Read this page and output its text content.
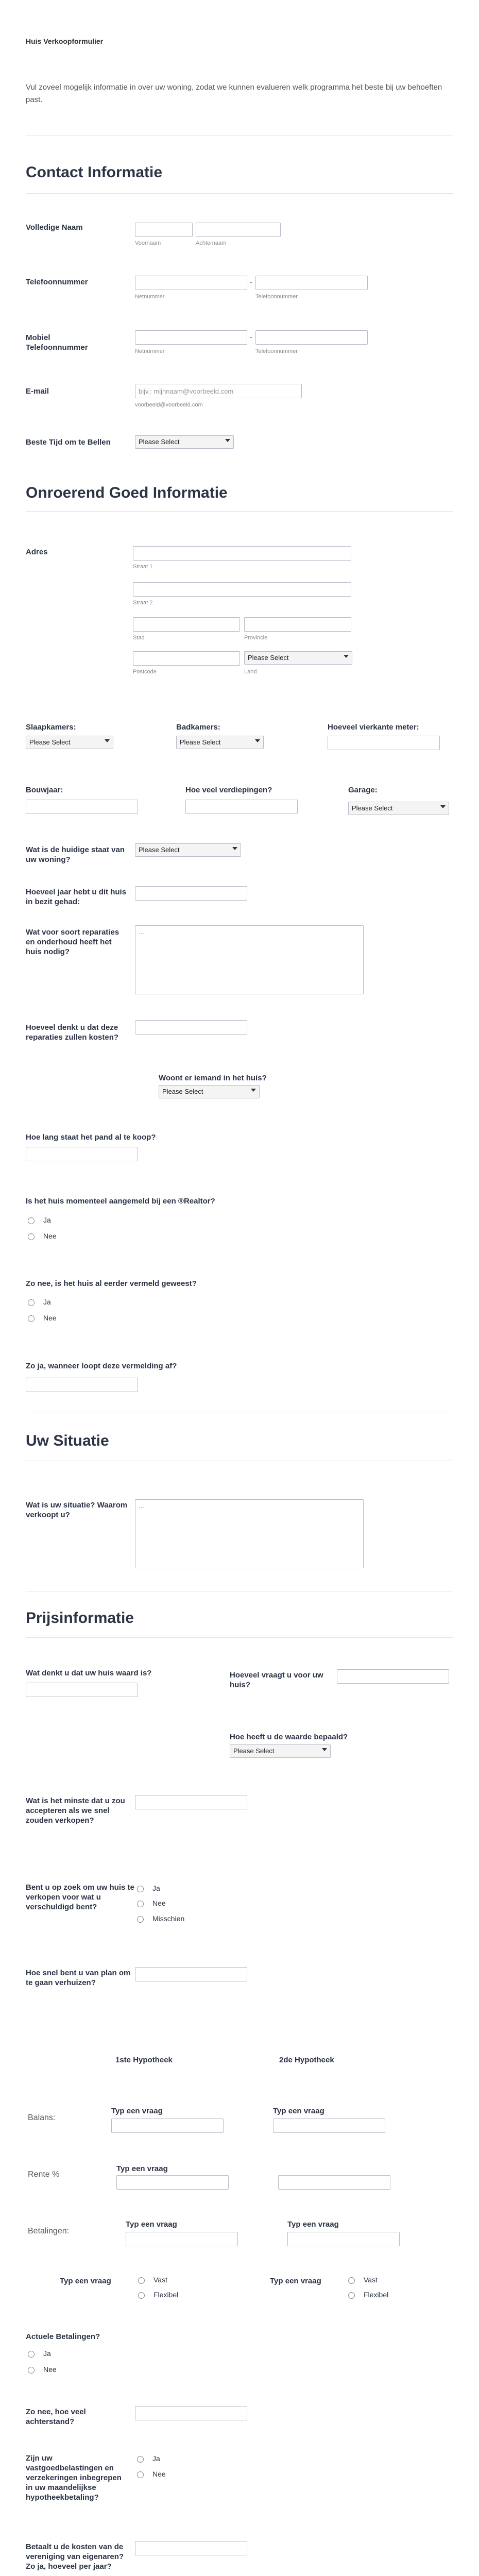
Huis Verkoopformulier
Vul zoveel mogelijk informatie in over uw woning, zodat we kunnen evalueren welk programma het beste bij uw behoeften past.
Contact Informatie
Volledige Naam
Voornaam	Achternaam
Telefoonnummer
Netnummer
-
Telefoonnummer
Mobiel Telefoonnummer	Netnummer
-
Telefoonnummer
E-mail	bijv.: mijnnaam@voorbeeld.com
voorbeeld@voorbeeld.com
Beste Tijd om te Bellen	Please Select
Onroerend Goed Informatie
Adres
Straat 1
Straat 2
Stad	Provincie
Postcode
Please Select
Land
Slaapkamers:	Badkamers:	Hoeveel vierkante meter:
Please Select	Please Select
Bouwjaar:	Hoe veel verdiepingen?	Garage:
Please Select
Wat is de huidige staat van uw woning?
Please Select
Hoeveel jaar hebt u dit huis in bezit gehad:
Wat voor soort reparaties en onderhoud heeft het huis nodig?
...
Hoeveel denkt u dat deze reparaties zullen kosten?
Woont er iemand in het huis?
Please Select
Hoe lang staat het pand al te koop?
Is het huis momenteel aangemeld bij een ®Realtor?
Ja
Nee
Zo nee, is het huis al eerder vermeld geweest?
Ja
Nee
Zo ja, wanneer loopt deze vermelding af?
Uw Situatie
Wat is uw situatie? Waarom verkoopt u?
...
Prijsinformatie
Wat denkt u dat uw huis waard is?	Hoeveel vraagt u voor uw huis?
Hoe heeft u de waarde bepaald?
Please Select
Wat is het minste dat u zou accepteren als we snel zouden verkopen?
Bent u op zoek om uw huis te verkopen voor wat u verschuldigd bent?
Ja
Nee
Misschien
Hoe snel bent u van plan om te gaan verhuizen?
1ste Hypotheek	2de Hypotheek
Balans:
Typ een vraag	Typ een vraag
Rente %
Typ een vraag
Betalingen:
Typ een vraag	Typ een vraag
Typ een vraag	Vast
Flexibel
Typ een vraag	Vast
Flexibel
Actuele Betalingen?
Ja
Nee
Zo nee, hoe veel achterstand?
Zijn uw vastgoedbelastingen en verzekeringen inbegrepen in uw maandelijkse hypotheekbetaling?
Ja
Nee
Betaalt u de kosten van de vereniging van eigenaren? Zo ja, hoeveel per jaar?
